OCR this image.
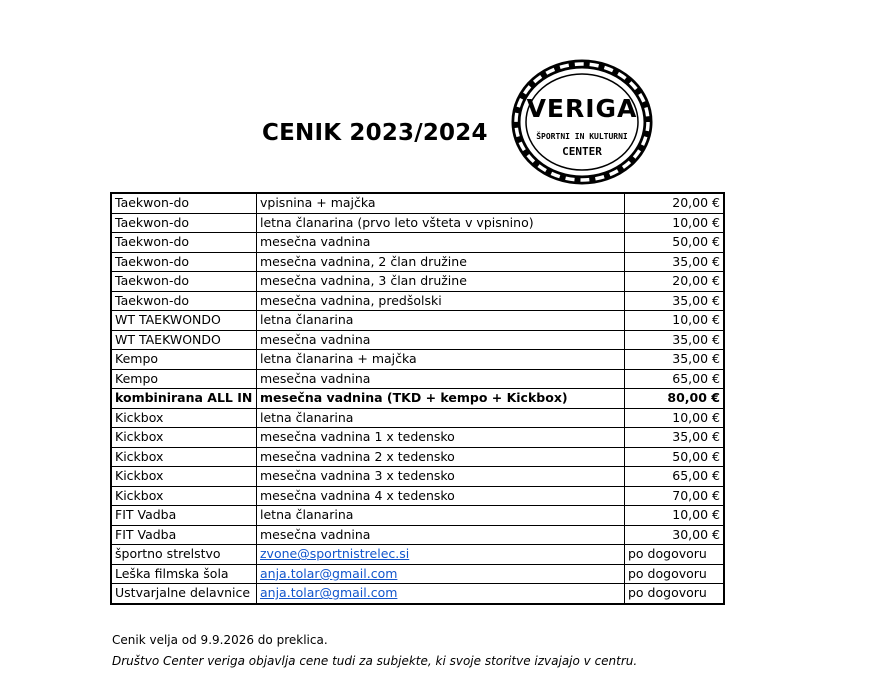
CENIK 2023/2024
VERIGA
ŠPORTNI IN KULTURNI
CENTER
Taekwon-do	vpisnina + majčka	20,00 €
Taekwon-do	letna članarina (prvo leto všteta v vpisnino)	10,00 €
Taekwon-do	mesečna vadnina	50,00 €
Taekwon-do	mesečna vadnina, 2 član družine	35,00 €
Taekwon-do	mesečna vadnina, 3 član družine	20,00 €
Taekwon-do	mesečna vadnina, predšolski	35,00 €
WT TAEKWONDO	letna članarina	10,00 €
WT TAEKWONDO	mesečna vadnina	35,00 €
Kempo	letna članarina + majčka	35,00 €
Kempo	mesečna vadnina	65,00 €
kombinirana ALL IN	mesečna vadnina (TKD + kempo + Kickbox)	80,00 €
Kickbox	letna članarina	10,00 €
Kickbox	mesečna vadnina 1 x tedensko	35,00 €
Kickbox	mesečna vadnina 2 x tedensko	50,00 €
Kickbox	mesečna vadnina 3 x tedensko	65,00 €
Kickbox	mesečna vadnina 4 x tedensko	70,00 €
FIT Vadba	letna članarina	10,00 €
FIT Vadba	mesečna vadnina	30,00 €
športno strelstvo	zvone@sportnistrelec.si	po dogovoru
Leška filmska šola	anja.tolar@gmail.com	po dogovoru
Ustvarjalne delavnice	anja.tolar@gmail.com	po dogovoru
Cenik velja od 9.9.2026 do preklica.
Društvo Center veriga objavlja cene tudi za subjekte, ki svoje storitve izvajajo v centru.
